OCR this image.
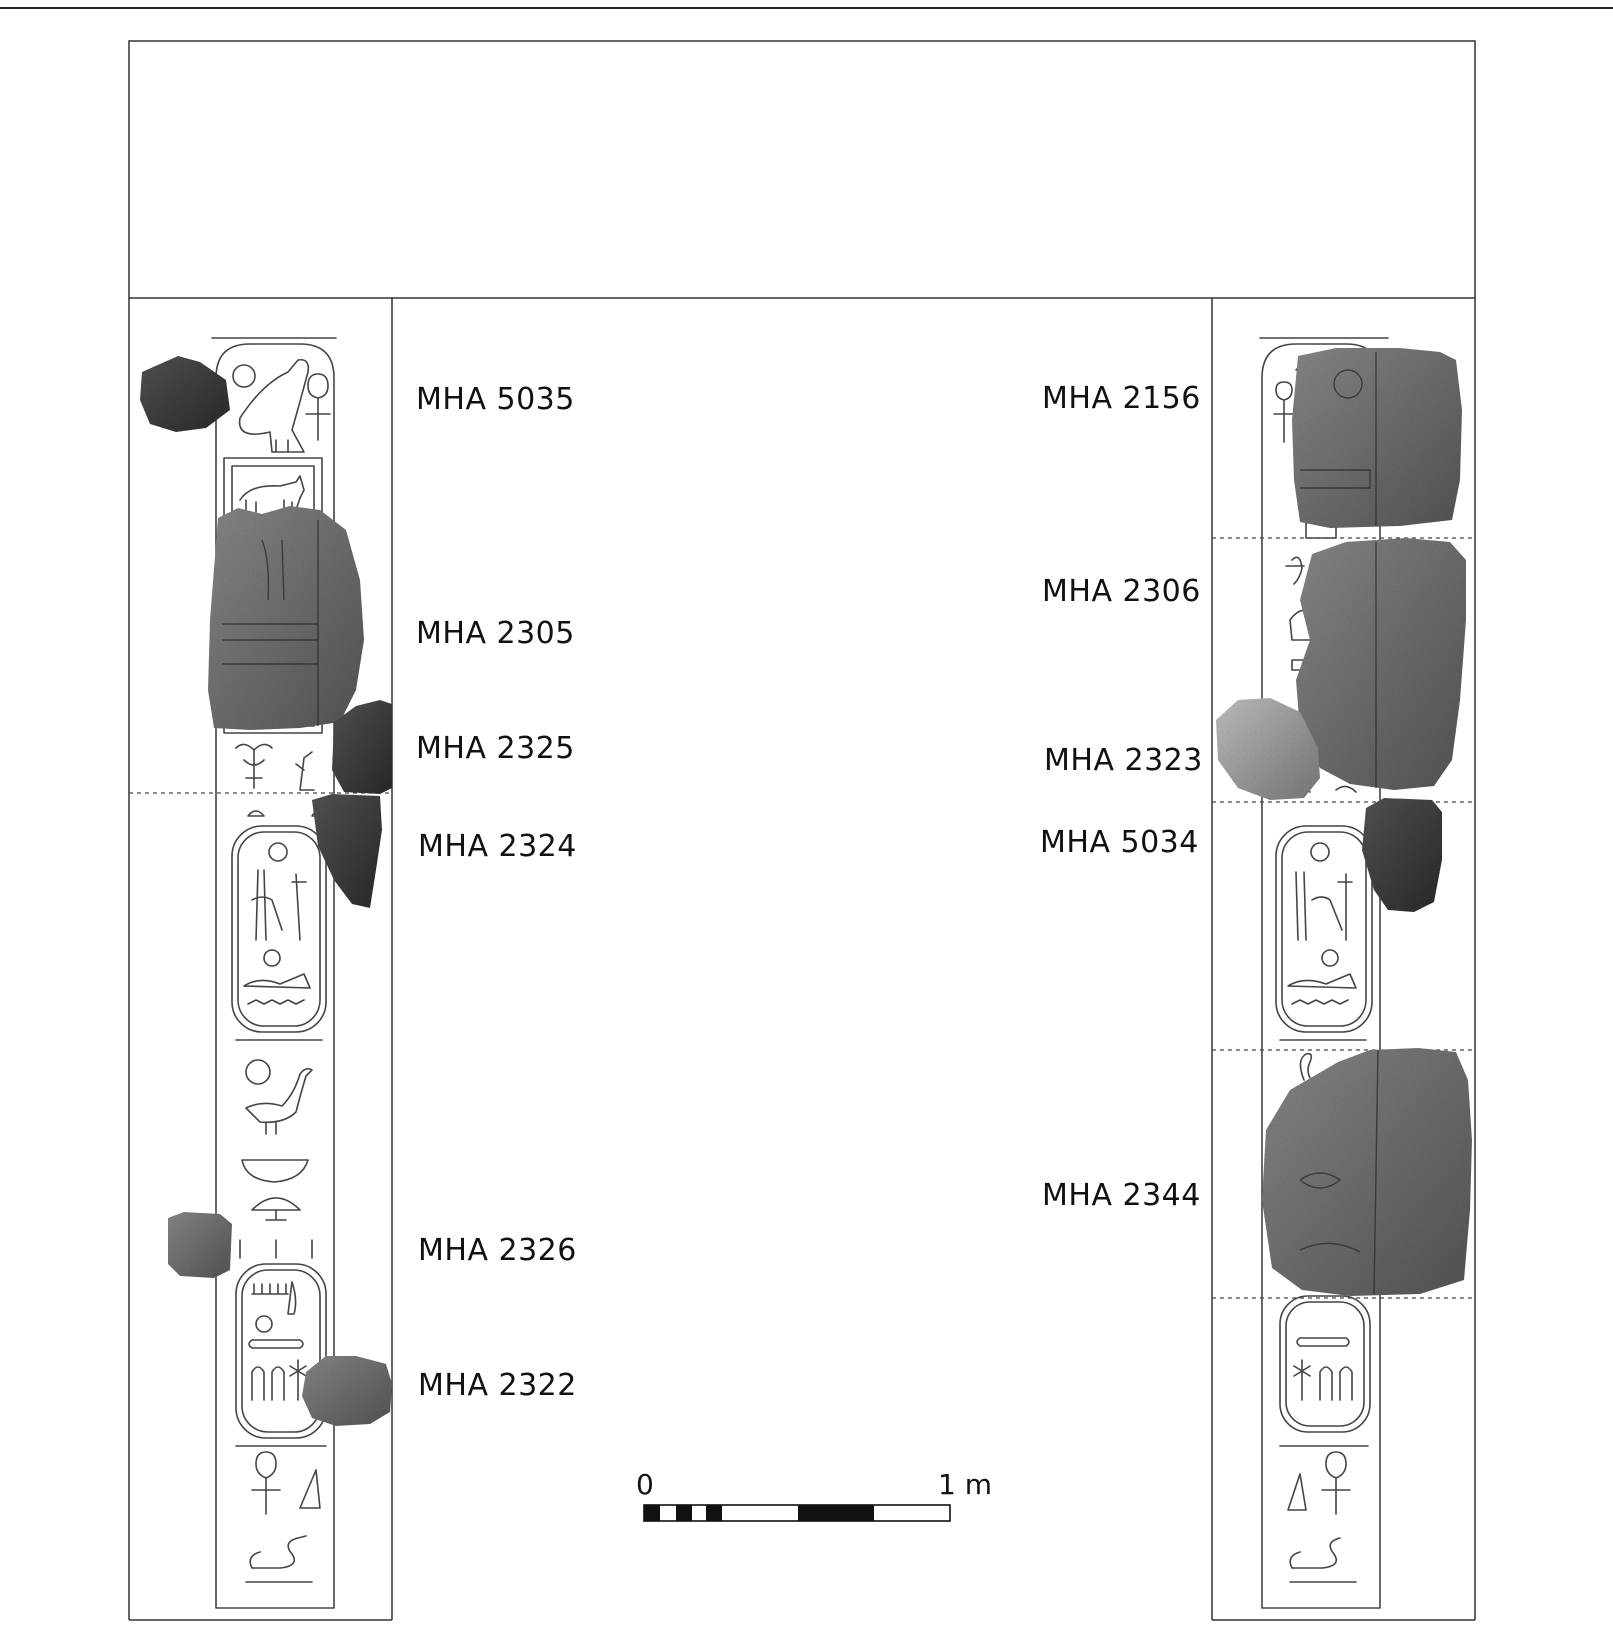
MHA 5035
MHA 2305
MHA 2325
MHA 2324
MHA 2326
MHA 2322
MHA 2156
MHA 2306
MHA 2323
MHA 5034
MHA 2344
0	1 m
